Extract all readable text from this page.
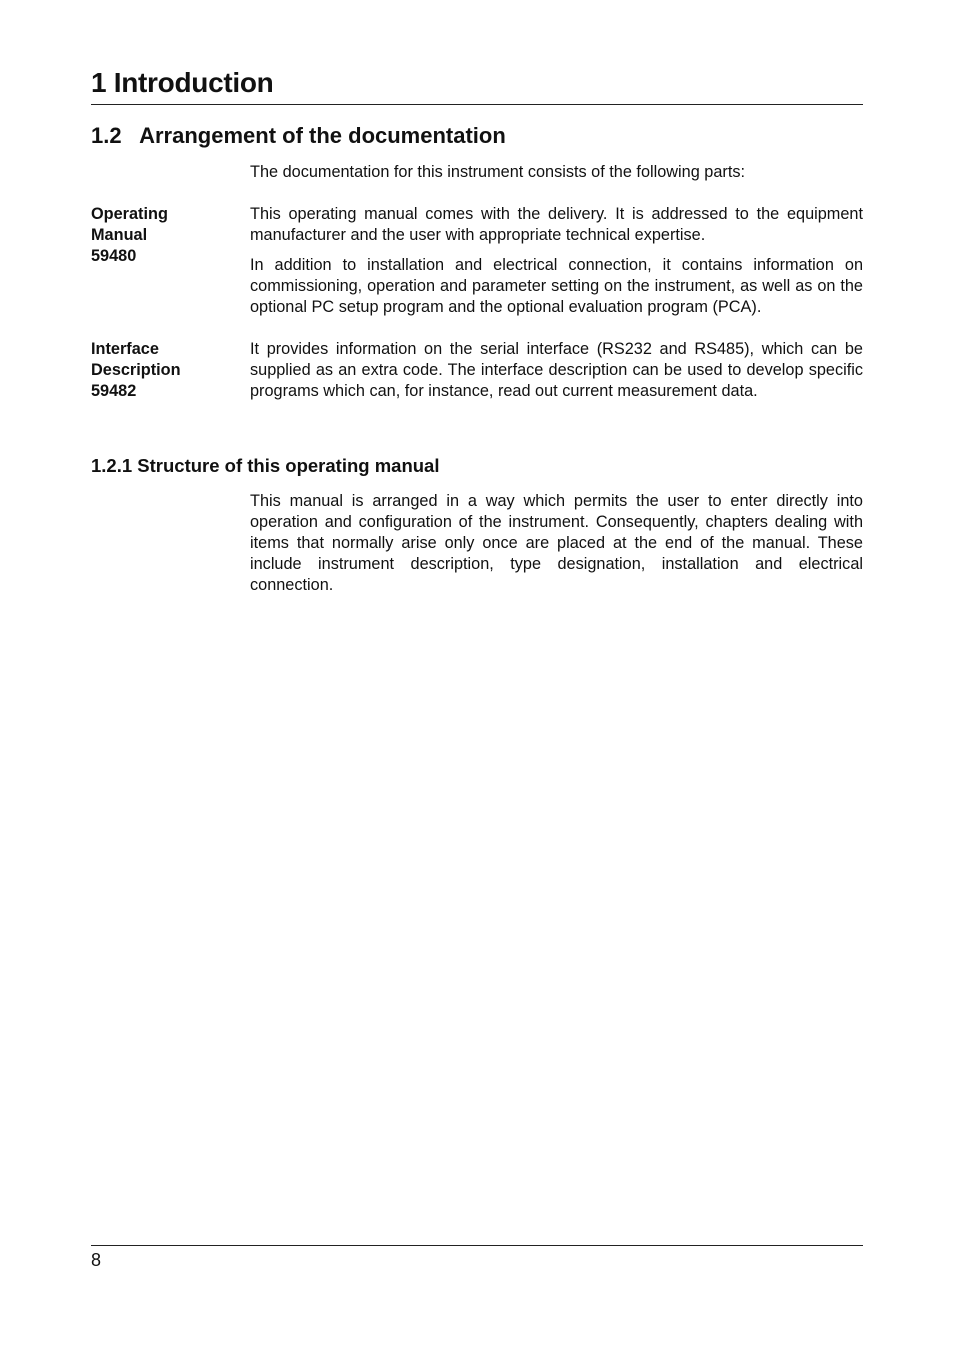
1 Introduction
1.2   Arrangement of the documentation

The documentation for this instrument consists of the following parts:

Operating
Manual
59480

This operating manual comes with the delivery. It is addressed to the equipment manufacturer and the user with appropriate technical expertise.

In addition to installation and electrical connection, it contains information on commissioning, operation and parameter setting on the instrument, as well as on the optional PC setup program and the optional evaluation program (PCA).

Interface
Description
59482

It provides information on the serial interface (RS232 and RS485), which can be supplied as an extra code. The interface description can be used to develop specific programs which can, for instance, read out current measurement data.

1.2.1 Structure of this operating manual

This manual is arranged in a way which permits the user to enter directly into operation and configuration of the instrument. Consequently, chapters dealing with items that normally arise only once are placed at the end of the manual. These include instrument description, type designation, installation and electrical connection.

8
